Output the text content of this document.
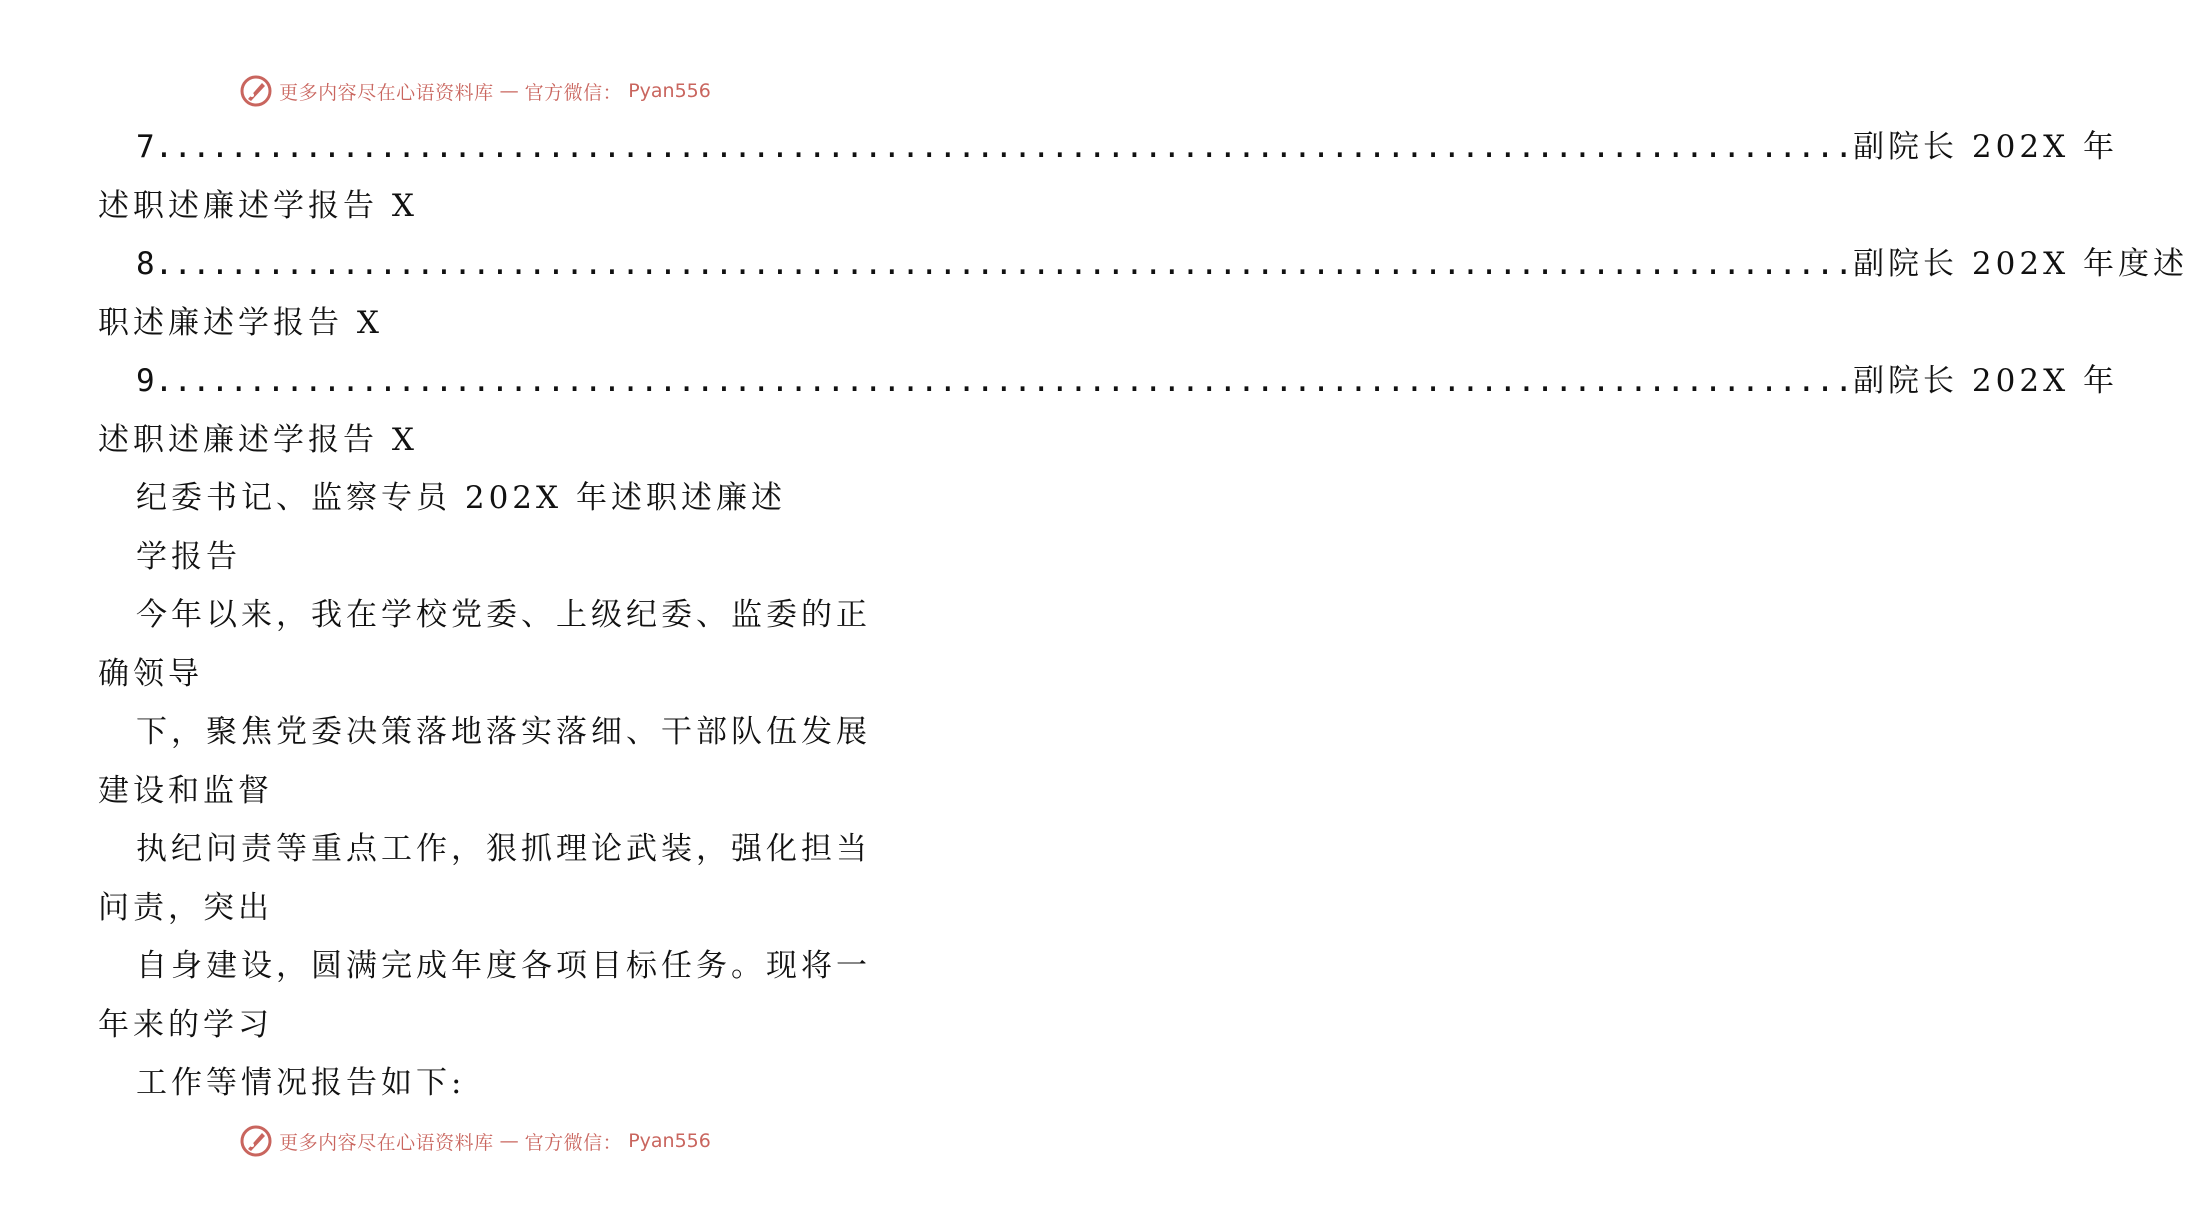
更多内容尽在心语资料库 — 官方微信： Pyan556
7. .......................................................................................... 副院长 202X 年
述职述廉述学报告 X
8. .......................................................................................... 副院长 202X 年度述
职述廉述学报告 X
9. .......................................................................................... 副院长 202X 年
述职述廉述学报告 X
纪委书记、监察专员 202X 年述职述廉述
学报告
今年以来，我在学校党委、上级纪委、监委的正
确领导
下，聚焦党委决策落地落实落细、干部队伍发展
建设和监督
执纪问责等重点工作，狠抓理论武装，强化担当
问责，突出
自身建设，圆满完成年度各项目标任务。现将一
年来的学习
工作等情况报告如下:
更多内容尽在心语资料库 — 官方微信： Pyan556
